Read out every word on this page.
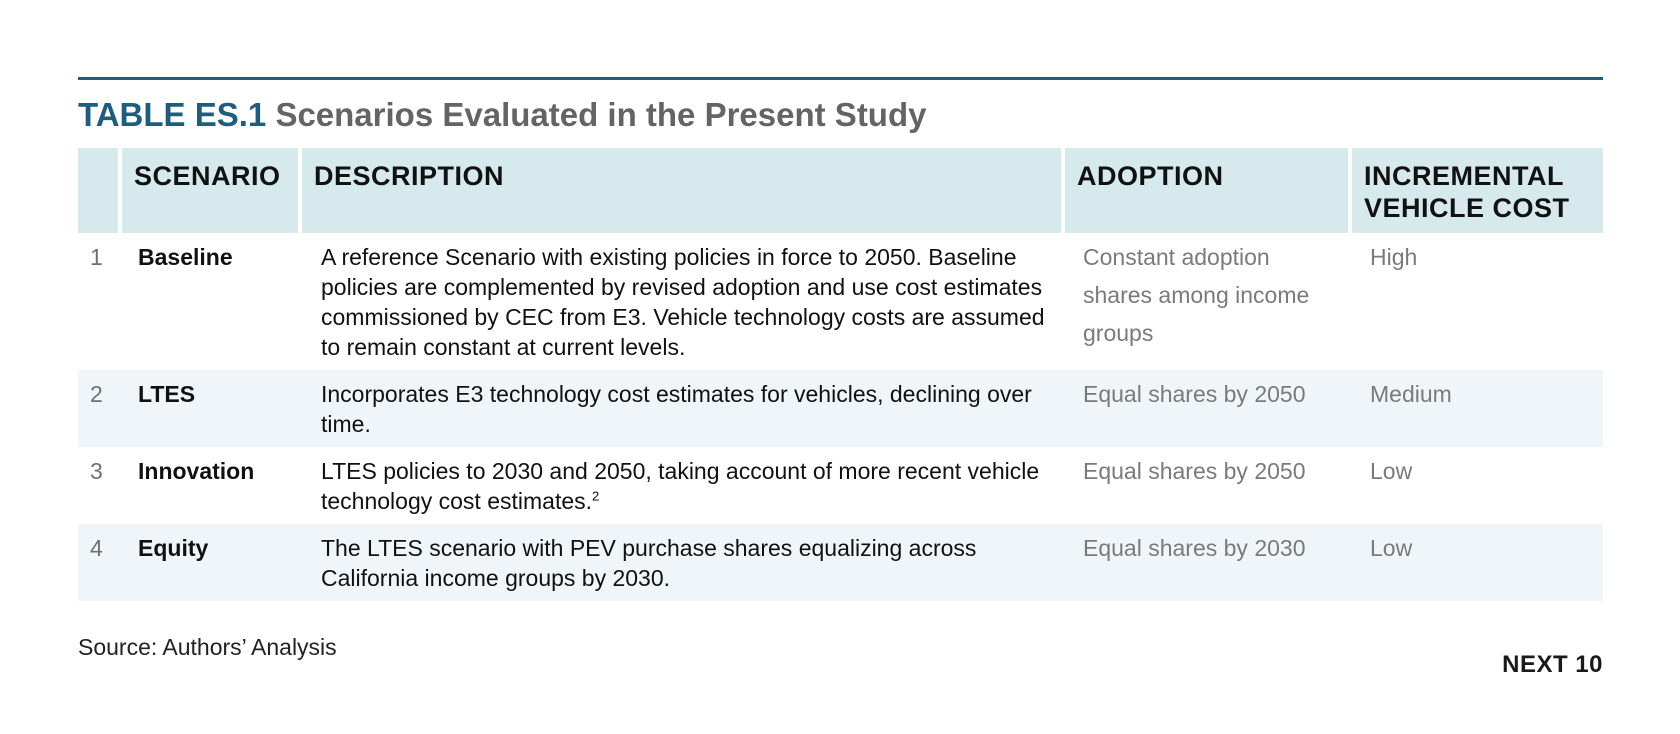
TABLE ES.1 Scenarios Evaluated in the Present Study
	SCENARIO	DESCRIPTION	ADOPTION	INCREMENTAL VEHICLE COST
1	Baseline	A reference Scenario with existing policies in force to 2050. Baseline policies are complemented by revised adoption and use cost estimates commissioned by CEC from E3. Vehicle technology costs are assumed to remain constant at current levels.	Constant adoption shares among income groups	High
2	LTES	Incorporates E3 technology cost estimates for vehicles, declining over time.	Equal shares by 2050	Medium
3	Innovation	LTES policies to 2030 and 2050, taking account of more recent vehicle technology cost estimates.$^2$	Equal shares by 2050	Low
4	Equity	The LTES scenario with PEV purchase shares equalizing across California income groups by 2030.	Equal shares by 2030	Low
Source: Authors’ Analysis
NEXT 10
